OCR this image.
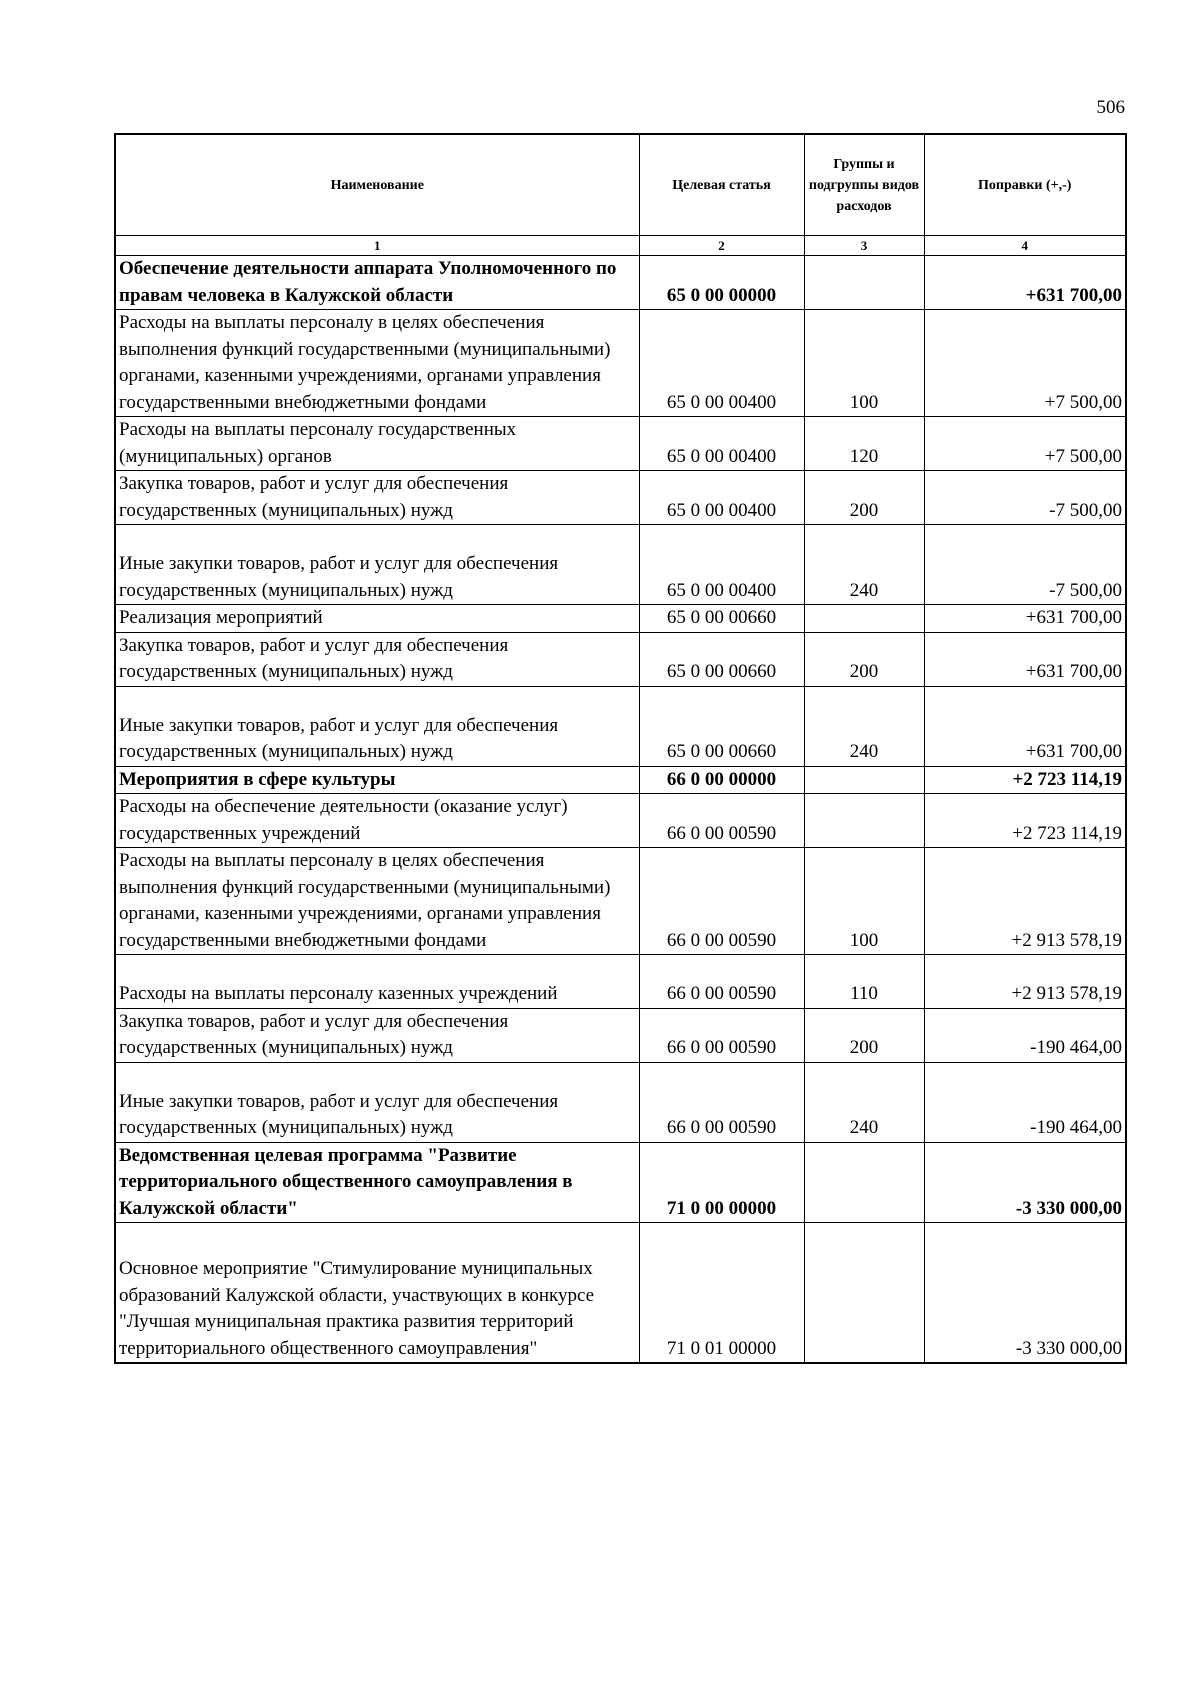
506
Наименование	Целевая статья	Группы и подгруппы видов расходов	Поправки (+,-)
1	2	3	4
Обеспечение деятельности аппарата Уполномоченного по правам человека в Калужской области	65 0 00 00000		+631 700,00
Расходы на выплаты персоналу в целях обеспечения выполнения функций государственными (муниципальными) органами, казенными учреждениями, органами управления государственными внебюджетными фондами	65 0 00 00400	100	+7 500,00
Расходы на выплаты персоналу государственных (муниципальных) органов	65 0 00 00400	120	+7 500,00
Закупка товаров, работ и услуг для обеспечения государственных (муниципальных) нужд	65 0 00 00400	200	-7 500,00
Иные закупки товаров, работ и услуг для обеспечения государственных (муниципальных) нужд	65 0 00 00400	240	-7 500,00
Реализация мероприятий	65 0 00 00660		+631 700,00
Закупка товаров, работ и услуг для обеспечения государственных (муниципальных) нужд	65 0 00 00660	200	+631 700,00
Иные закупки товаров, работ и услуг для обеспечения государственных (муниципальных) нужд	65 0 00 00660	240	+631 700,00
Мероприятия в сфере культуры	66 0 00 00000		+2 723 114,19
Расходы на обеспечение деятельности (оказание услуг) государственных учреждений	66 0 00 00590		+2 723 114,19
Расходы на выплаты персоналу в целях обеспечения выполнения функций государственными (муниципальными) органами, казенными учреждениями, органами управления государственными внебюджетными фондами	66 0 00 00590	100	+2 913 578,19
Расходы на выплаты персоналу казенных учреждений	66 0 00 00590	110	+2 913 578,19
Закупка товаров, работ и услуг для обеспечения государственных (муниципальных) нужд	66 0 00 00590	200	-190 464,00
Иные закупки товаров, работ и услуг для обеспечения государственных (муниципальных) нужд	66 0 00 00590	240	-190 464,00
Ведомственная целевая программа "Развитие территориального общественного самоуправления в Калужской области"	71 0 00 00000		-3 330 000,00
Основное мероприятие "Стимулирование муниципальных образований Калужской области, участвующих в конкурсе "Лучшая муниципальная практика развития территорий территориального общественного самоуправления"	71 0 01 00000		-3 330 000,00
